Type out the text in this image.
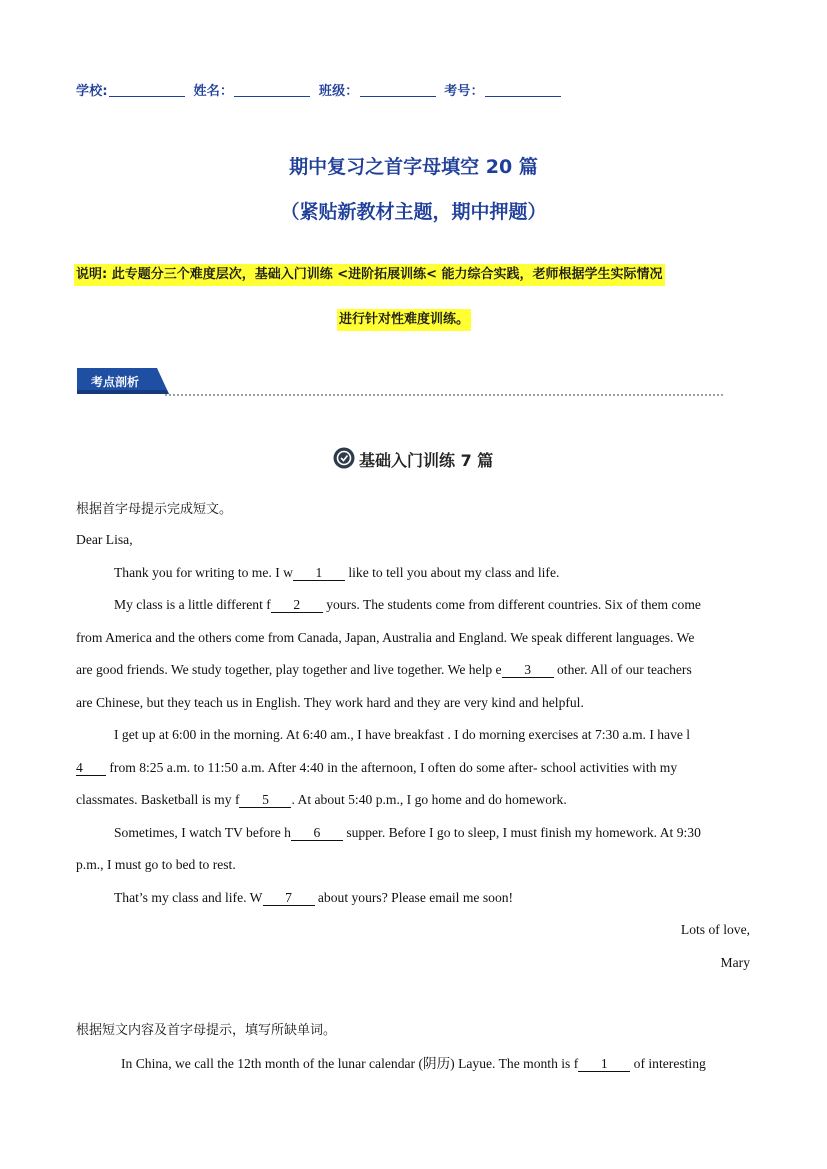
学校:	姓名：	班级：	考号：
期中复习之首字母填空 20 篇
（紧贴新教材主题，期中押题）
说明: 此专题分三个难度层次，基础入门训练 <进阶拓展训练< 能力综合实践，老师根据学生实际情况
进行针对性难度训练。
考点剖析
基础入门训练 7 篇
根据首字母提示完成短文。
Dear Lisa,
Thank you for writing to me. I w 1 like to tell you about my class and life.
My class is a little different f 2 yours. The students come from different countries. Six of them come
from America and the others come from Canada, Japan, Australia and England. We speak different languages. We
are good friends. We study together, play together and live together. We help e 3 other. All of our teachers
are Chinese, but they teach us in English. They work hard and they are very kind and helpful.
I get up at 6:00 in the morning. At 6:40 am., I have breakfast . I do morning exercises at 7:30 a.m. I have l
4 from 8:25 a.m. to 11:50 a.m. After 4:40 in the afternoon, I often do some after- school activities with my
classmates. Basketball is my f 5 . At about 5:40 p.m., I go home and do homework.
Sometimes, I watch TV before h 6 supper. Before I go to sleep, I must finish my homework. At 9:30
p.m., I must go to bed to rest.
That’s my class and life. W 7 about yours? Please email me soon!
Lots of love,
Mary
根据短文内容及首字母提示，填写所缺单词。
In China, we call the 12th month of the lunar calendar (阴历) Layue. The month is f 1 of interesting
